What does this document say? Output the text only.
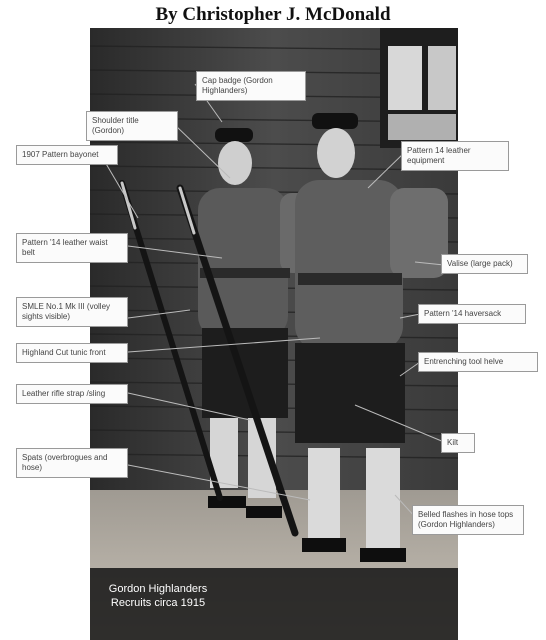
By Christopher J. McDonald
Cap badge (Gordon Highlanders)
Shoulder title (Gordon)
1907 Pattern bayonet	Pattern 14 leather equipment
Pattern '14 leather waist belt
Valise (large pack)
SMLE No.1 Mk III (volley sights visible)	Pattern '14 haversack
Highland Cut tunic front
Entrenching tool helve
Leather rifle strap /sling
Kilt
Spats (overbrogues and hose)
Belled flashes in hose tops (Gordon Highlanders)
Gordon Highlanders
Recruits circa 1915
